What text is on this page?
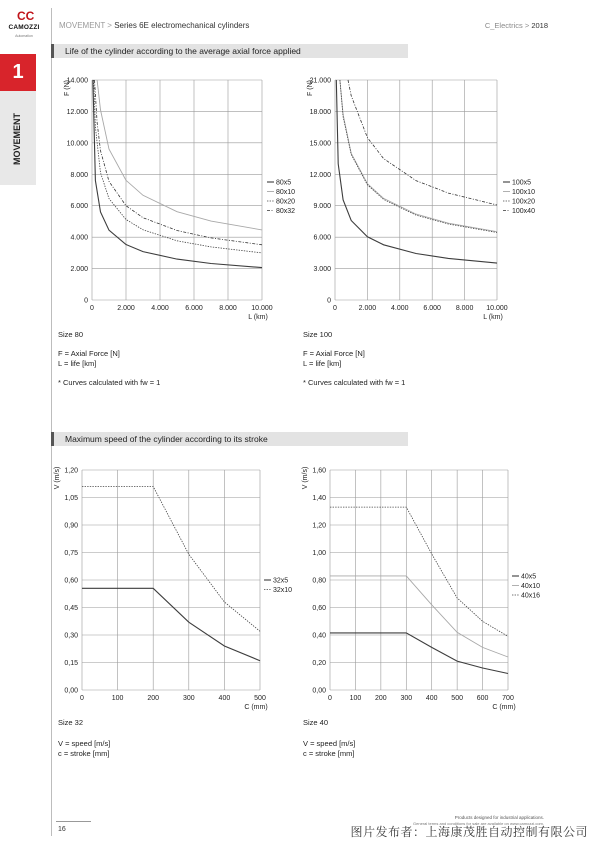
CC
CAMOZZI
Automation
MOVEMENT > Series 6E electromechanical cylinders	C_Electrics > 2018
1
MOVEMENT
Life of the cylinder according to the average axial force applied
Maximum speed of the cylinder according to its stroke
0	2.000 4.000 6.000 8.000 10.000
0
2.000
4.000
6.000
8.000
10.000
12.000
14.000
L (km)
F (N)
80x5
80x10
80x20
80x32
0	2.000 4.000 6.000 8.000 10.000
0
3.000
6.000
9.000
12.000
15.000
18.000
21.000
L (km)
F (N)
100x5
100x10
100x20
100x40
0	100	200	300	400	500
0,00
0,15
0,30
0,45
0,60
0,75
0,90
1,05
1,20
C (mm)
V (m/s)
32x5
32x10
0	100 200 300 400 500 600 700
0,00
0,20
0,40
0,60
0,80
1,00
1,20
1,40
1,60
C (mm)
V (m/s)
40x5
40x10
40x16
Size 80
F = Axial Force [N]
L = life [km]
* Curves calculated with fw = 1
Size 100
F = Axial Force [N]
L = life [km]
* Curves calculated with fw = 1
Size 32
V = speed [m/s]
c = stroke [mm]
Size 40
V = speed [m/s]
c = stroke [mm]
16
Products designed for industrial applications.
General terms and conditions for sale are available on www.camozzi.com.
图片发布者：上海康茂胜自动控制有限公司
